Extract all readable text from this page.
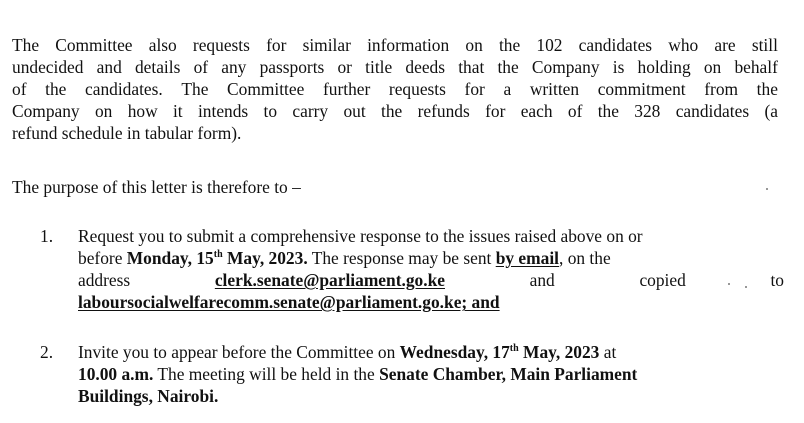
The Committee also requests for similar information on the 102 candidates who are still
undecided and details of any passports or title deeds that the Company is holding on behalf
of the candidates. The Committee further requests for a written commitment from the
Company on how it intends to carry out the refunds for each of the 328 candidates (a
refund schedule in tabular form).
The purpose of this letter is therefore to –
1.	Request you to submit a comprehensive response to the issues raised above on or
before Monday, 15th May, 2023. The response may be sent by email, on the
address	clerk.senate@parliament.go.ke	and	copied	to
laboursocialwelfarecomm.senate@parliament.go.ke; and
2.	Invite you to appear before the Committee on Wednesday, 17th May, 2023 at
10.00 a.m. The meeting will be held in the Senate Chamber, Main Parliament
Buildings, Nairobi.
